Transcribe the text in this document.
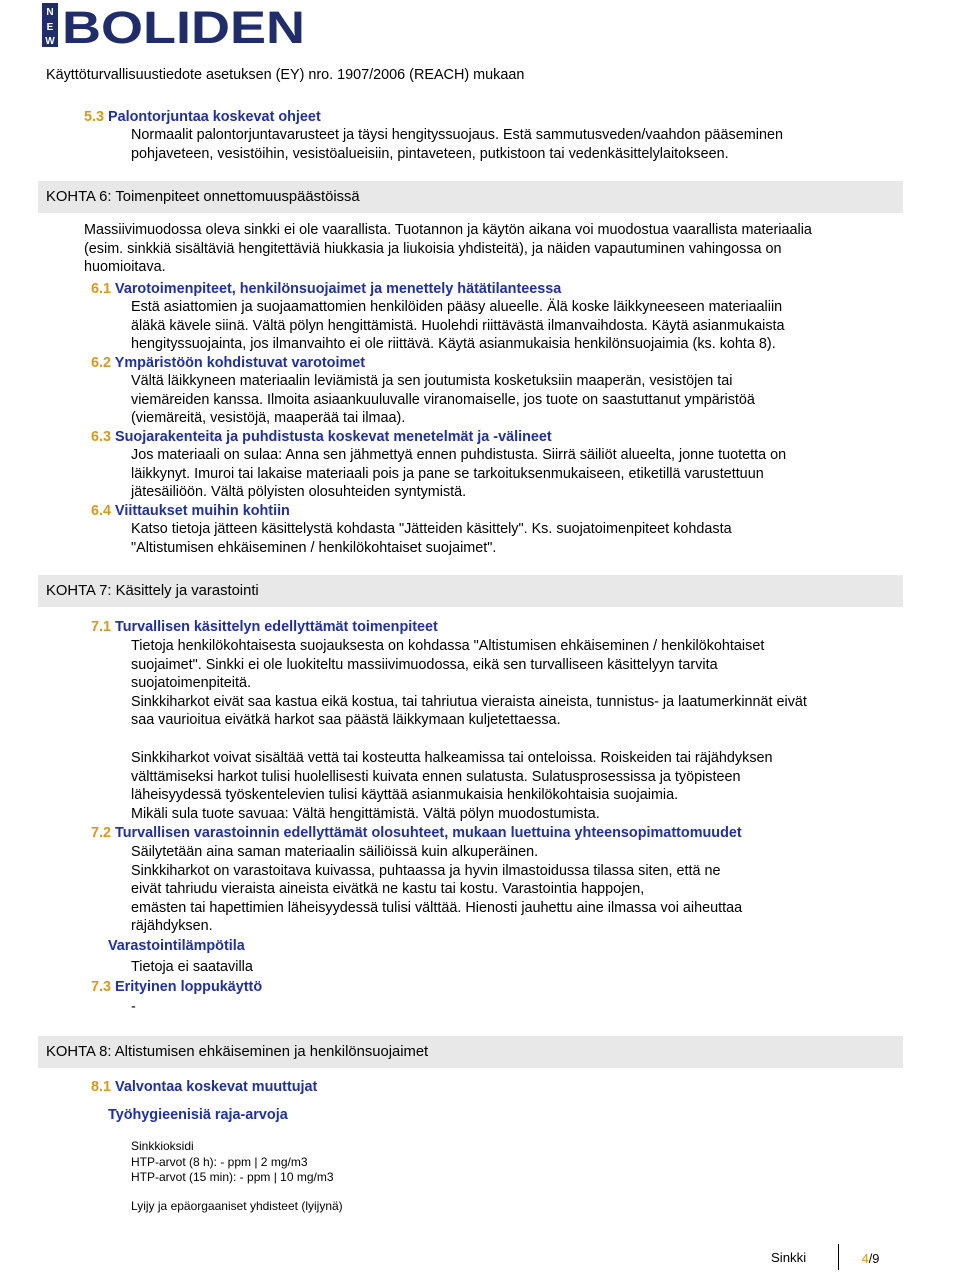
N
E
W BOLIDEN
Käyttöturvallisuustiedote asetuksen (EY) nro. 1907/2006 (REACH) mukaan
5.3 Palontorjuntaa koskevat ohjeet
Normaalit palontorjuntavarusteet ja täysi hengityssuojaus. Estä sammutusveden/vaahdon pääseminen
pohjaveteen, vesistöihin, vesistöalueisiin, pintaveteen, putkistoon tai vedenkäsittelylaitokseen.
KOHTA 6: Toimenpiteet onnettomuuspäästöissä
Massiivimuodossa oleva sinkki ei ole vaarallista. Tuotannon ja käytön aikana voi muodostua vaarallista materiaalia
(esim. sinkkiä sisältäviä hengitettäviä hiukkasia ja liukoisia yhdisteitä), ja näiden vapautuminen vahingossa on
huomioitava.
6.1 Varotoimenpiteet, henkilönsuojaimet ja menettely hätätilanteessa
Estä asiattomien ja suojaamattomien henkilöiden pääsy alueelle. Älä koske läikkyneeseen materiaaliin
äläkä kävele siinä. Vältä pölyn hengittämistä. Huolehdi riittävästä ilmanvaihdosta. Käytä asianmukaista
hengityssuojainta, jos ilmanvaihto ei ole riittävä. Käytä asianmukaisia henkilönsuojaimia (ks. kohta 8).
6.2 Ympäristöön kohdistuvat varotoimet
Vältä läikkyneen materiaalin leviämistä ja sen joutumista kosketuksiin maaperän, vesistöjen tai
viemäreiden kanssa. Ilmoita asiaankuuluvalle viranomaiselle, jos tuote on saastuttanut ympäristöä
(viemäreitä, vesistöjä, maaperää tai ilmaa).
6.3 Suojarakenteita ja puhdistusta koskevat menetelmät ja -välineet
Jos materiaali on sulaa: Anna sen jähmettyä ennen puhdistusta. Siirrä säiliöt alueelta, jonne tuotetta on
läikkynyt. Imuroi tai lakaise materiaali pois ja pane se tarkoituksenmukaiseen, etiketillä varustettuun
jätesäiliöön. Vältä pölyisten olosuhteiden syntymistä.
6.4 Viittaukset muihin kohtiin
Katso tietoja jätteen käsittelystä kohdasta "Jätteiden käsittely". Ks. suojatoimenpiteet kohdasta
"Altistumisen ehkäiseminen / henkilökohtaiset suojaimet".
KOHTA 7: Käsittely ja varastointi
7.1 Turvallisen käsittelyn edellyttämät toimenpiteet
Tietoja henkilökohtaisesta suojauksesta on kohdassa "Altistumisen ehkäiseminen / henkilökohtaiset
suojaimet". Sinkki ei ole luokiteltu massiivimuodossa, eikä sen turvalliseen käsittelyyn tarvita
suojatoimenpiteitä.
Sinkkiharkot eivät saa kastua eikä kostua, tai tahriutua vieraista aineista, tunnistus- ja laatumerkinnät eivät
saa vaurioitua eivätkä harkot saa päästä läikkymaan kuljetettaessa.
Sinkkiharkot voivat sisältää vettä tai kosteutta halkeamissa tai onteloissa. Roiskeiden tai räjähdyksen
välttämiseksi harkot tulisi huolellisesti kuivata ennen sulatusta. Sulatusprosessissa ja työpisteen
läheisyydessä työskentelevien tulisi käyttää asianmukaisia henkilökohtaisia suojaimia.
Mikäli sula tuote savuaa: Vältä hengittämistä. Vältä pölyn muodostumista.
7.2 Turvallisen varastoinnin edellyttämät olosuhteet, mukaan luettuina yhteensopimattomuudet
Säilytetään aina saman materiaalin säiliöissä kuin alkuperäinen.
Sinkkiharkot on varastoitava kuivassa, puhtaassa ja hyvin ilmastoidussa tilassa siten, että ne
eivät tahriudu vieraista aineista eivätkä ne kastu tai kostu. Varastointia happojen,
emästen tai hapettimien läheisyydessä tulisi välttää. Hienosti jauhettu aine ilmassa voi aiheuttaa
räjähdyksen.
Varastointilämpötila
Tietoja ei saatavilla
7.3 Erityinen loppukäyttö
-
KOHTA 8: Altistumisen ehkäiseminen ja henkilönsuojaimet
8.1 Valvontaa koskevat muuttujat
Työhygieenisiä raja-arvoja
Sinkkioksidi
HTP-arvot (8 h): - ppm | 2 mg/m3
HTP-arvot (15 min): - ppm | 10 mg/m3
Lyijy ja epäorgaaniset yhdisteet (lyijynä)
Sinkki	4/9
